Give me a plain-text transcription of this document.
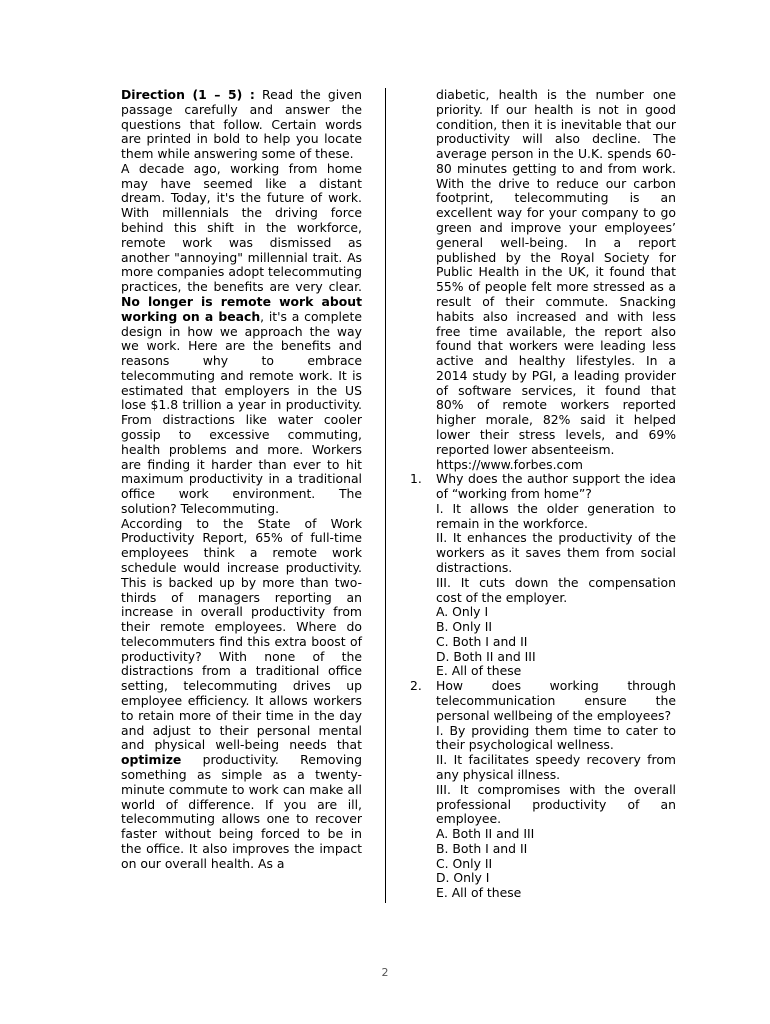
Direction (1 – 5) : Read the given passage carefully and answer the questions that follow. Certain words are printed in bold to help you locate them while answering some of these.

A decade ago, working from home may have seemed like a distant dream. Today, it's the future of work. With millennials the driving force behind this shift in the workforce, remote work was dismissed as another "annoying" millennial trait. As more companies adopt telecommuting practices, the benefits are very clear. No longer is remote work about working on a beach, it's a complete design in how we approach the way we work. Here are the benefits and reasons why to embrace telecommuting and remote work. It is estimated that employers in the US lose $1.8 trillion a year in productivity. From distractions like water cooler gossip to excessive commuting, health problems and more. Workers are finding it harder than ever to hit maximum productivity in a traditional office work environment. The solution? Telecommuting.

According to the State of Work Productivity Report, 65% of full-time employees think a remote work schedule would increase productivity. This is backed up by more than two-thirds of managers reporting an increase in overall productivity from their remote employees. Where do telecommuters find this extra boost of productivity? With none of the distractions from a traditional office setting, telecommuting drives up employee efficiency. It allows workers to retain more of their time in the day and adjust to their personal mental and physical well-being needs that optimize productivity. Removing something as simple as a twenty-minute commute to work can make all world of difference. If you are ill, telecommuting allows one to recover faster without being forced to be in the office. It also improves the impact on our overall health. As a

diabetic, health is the number one priority. If our health is not in good condition, then it is inevitable that our productivity will also decline. The average person in the U.K. spends 60-80 minutes getting to and from work. With the drive to reduce our carbon footprint, telecommuting is an excellent way for your company to go green and improve your employees’ general well-being. In a report published by the Royal Society for Public Health in the UK, it found that 55% of people felt more stressed as a result of their commute. Snacking habits also increased and with less free time available, the report also found that workers were leading less active and healthy lifestyles. In a 2014 study by PGI, a leading provider of software services, it found that 80% of remote workers reported higher morale, 82% said it helped lower their stress levels, and 69% reported lower absenteeism.

https://www.forbes.com

1. Why does the author support the idea of “working from home”?

I. It allows the older generation to remain in the workforce.

II. It enhances the productivity of the workers as it saves them from social distractions.

III. It cuts down the compensation cost of the employer.

A. Only I

B. Only II

C. Both I and II

D. Both II and III

E. All of these

2. How does working through telecommunication ensure the personal wellbeing of the employees?

I. By providing them time to cater to their psychological wellness.

II. It facilitates speedy recovery from any physical illness.

III. It compromises with the overall professional productivity of an employee.

A. Both II and III

B. Both I and II

C. Only II

D. Only I

E. All of these

2
